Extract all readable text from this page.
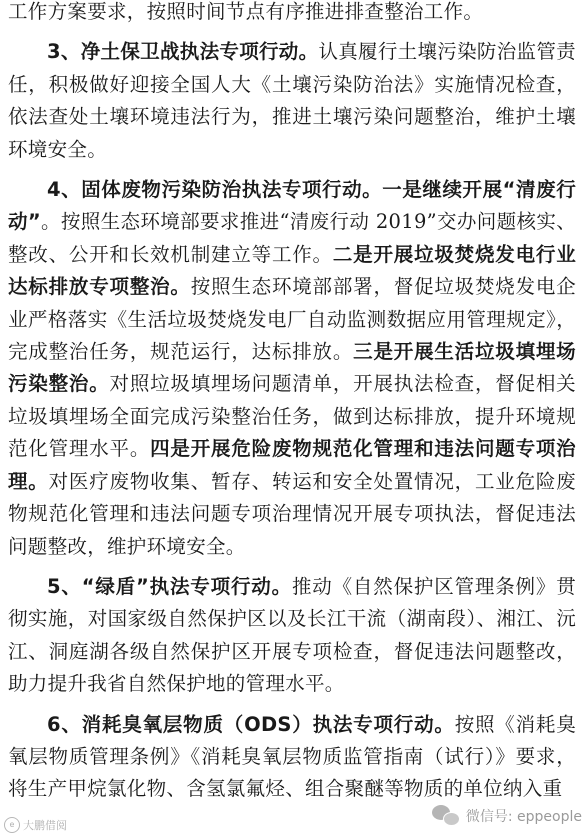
工作方案要求，按照时间节点有序推进排查整治工作。

3、净土保卫战执法专项行动。认真履行土壤污染防治监管责任，积极做好迎接全国人大《土壤污染防治法》实施情况检查，依法查处土壤环境违法行为，推进土壤污染问题整治，维护土壤环境安全。

4、固体废物污染防治执法专项行动。一是继续开展“清废行动”。按照生态环境部要求推进“清废行动 2019”交办问题核实、整改、公开和长效机制建立等工作。二是开展垃圾焚烧发电行业达标排放专项整治。按照生态环境部部署，督促垃圾焚烧发电企业严格落实《生活垃圾焚烧发电厂自动监测数据应用管理规定》，完成整治任务，规范运行，达标排放。三是开展生活垃圾填埋场污染整治。对照垃圾填埋场问题清单，开展执法检查，督促相关垃圾填埋场全面完成污染整治任务，做到达标排放，提升环境规范化管理水平。四是开展危险废物规范化管理和违法问题专项治理。对医疗废物收集、暂存、转运和安全处置情况，工业危险废物规范化管理和违法问题专项治理情况开展专项执法，督促违法问题整改，维护环境安全。

5、“绿盾”执法专项行动。推动《自然保护区管理条例》贯彻实施，对国家级自然保护区以及长江干流（湖南段）、湘江、沅江、洞庭湖各级自然保护区开展专项检查，督促违法问题整改，助力提升我省自然保护地的管理水平。

6、消耗臭氧层物质（ODS）执法专项行动。按照《消耗臭氧层物质管理条例》《消耗臭氧层物质监管指南（试行）》要求，将生产甲烷氯化物、含氢氯氟烃、组合聚醚等物质的单位纳入重

e 大鹏借阅
微信号: eppeople
